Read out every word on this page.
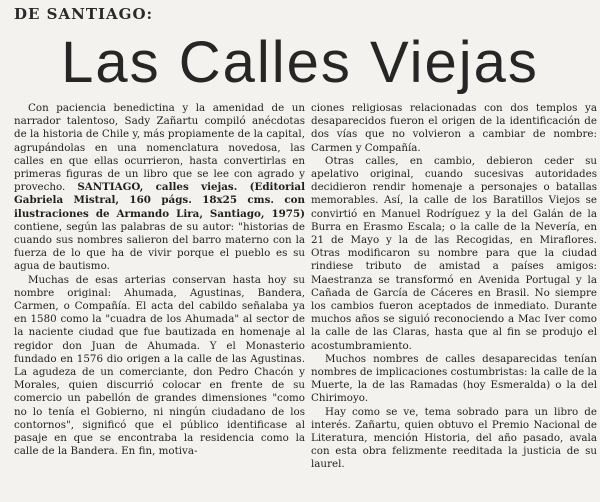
DE SANTIAGO:
Las Calles Viejas

Con paciencia benedictina y la amenidad de un narrador talentoso, Sady Zañartu compiló anécdotas de la historia de Chile y, más propiamente de la capital, agrupándolas en una nomenclatura novedosa, las calles en que ellas ocurrieron, hasta convertirlas en primeras figuras de un libro que se lee con agrado y provecho. SANTIAGO, calles viejas. (Editorial Gabriela Mistral, 160 págs. 18x25 cms. con ilustraciones de Armando Lira, Santiago, 1975) contiene, según las palabras de su autor: "historias de cuando sus nombres salieron del barro materno con la fuerza de lo que ha de vivir porque el pueblo es su agua de bautismo.

Muchas de esas arterias conservan hasta hoy su nombre original: Ahumada, Agustinas, Bandera, Carmen, o Compañía. El acta del cabildo señalaba ya en 1580 como la "cuadra de los Ahumada" al sector de la naciente ciudad que fue bautizada en homenaje al regidor don Juan de Ahumada. Y el Monasterio fundado en 1576 dio origen a la calle de las Agustinas. La agudeza de un comerciante, don Pedro Chacón y Morales, quien discurrió colocar en frente de su comercio un pabellón de grandes dimensiones "como no lo tenía el Gobierno, ni ningún ciudadano de los contornos", significó que el público identificase al pasaje en que se encontraba la residencia como la calle de la Bandera. En fin, motiva-

ciones religiosas relacionadas con dos templos ya desaparecidos fueron el origen de la identificación de dos vías que no volvieron a cambiar de nombre: Carmen y Compañía.

Otras calles, en cambio, debieron ceder su apelativo original, cuando sucesivas autoridades decidieron rendir homenaje a personajes o batallas memorables. Así, la calle de los Baratillos Viejos se convirtió en Manuel Rodríguez y la del Galán de la Burra en Erasmo Escala; o la calle de la Nevería, en 21 de Mayo y la de las Recogidas, en Miraflores. Otras modificaron su nombre para que la ciudad rindiese tributo de amistad a países amigos: Maestranza se transformó en Avenida Portugal y la Cañada de García de Cáceres en Brasil. No siempre los cambios fueron aceptados de inmediato. Durante muchos años se siguió reconociendo a Mac Iver como la calle de las Claras, hasta que al fin se produjo el acostumbramiento.

Muchos nombres de calles desaparecidas tenían nombres de implicaciones costumbristas: la calle de la Muerte, la de las Ramadas (hoy Esmeralda) o la del Chirimoyo.

Hay como se ve, tema sobrado para un libro de interés. Zañartu, quien obtuvo el Premio Nacional de Literatura, mención Historia, del año pasado, avala con esta obra felizmente reeditada la justicia de su laurel.
